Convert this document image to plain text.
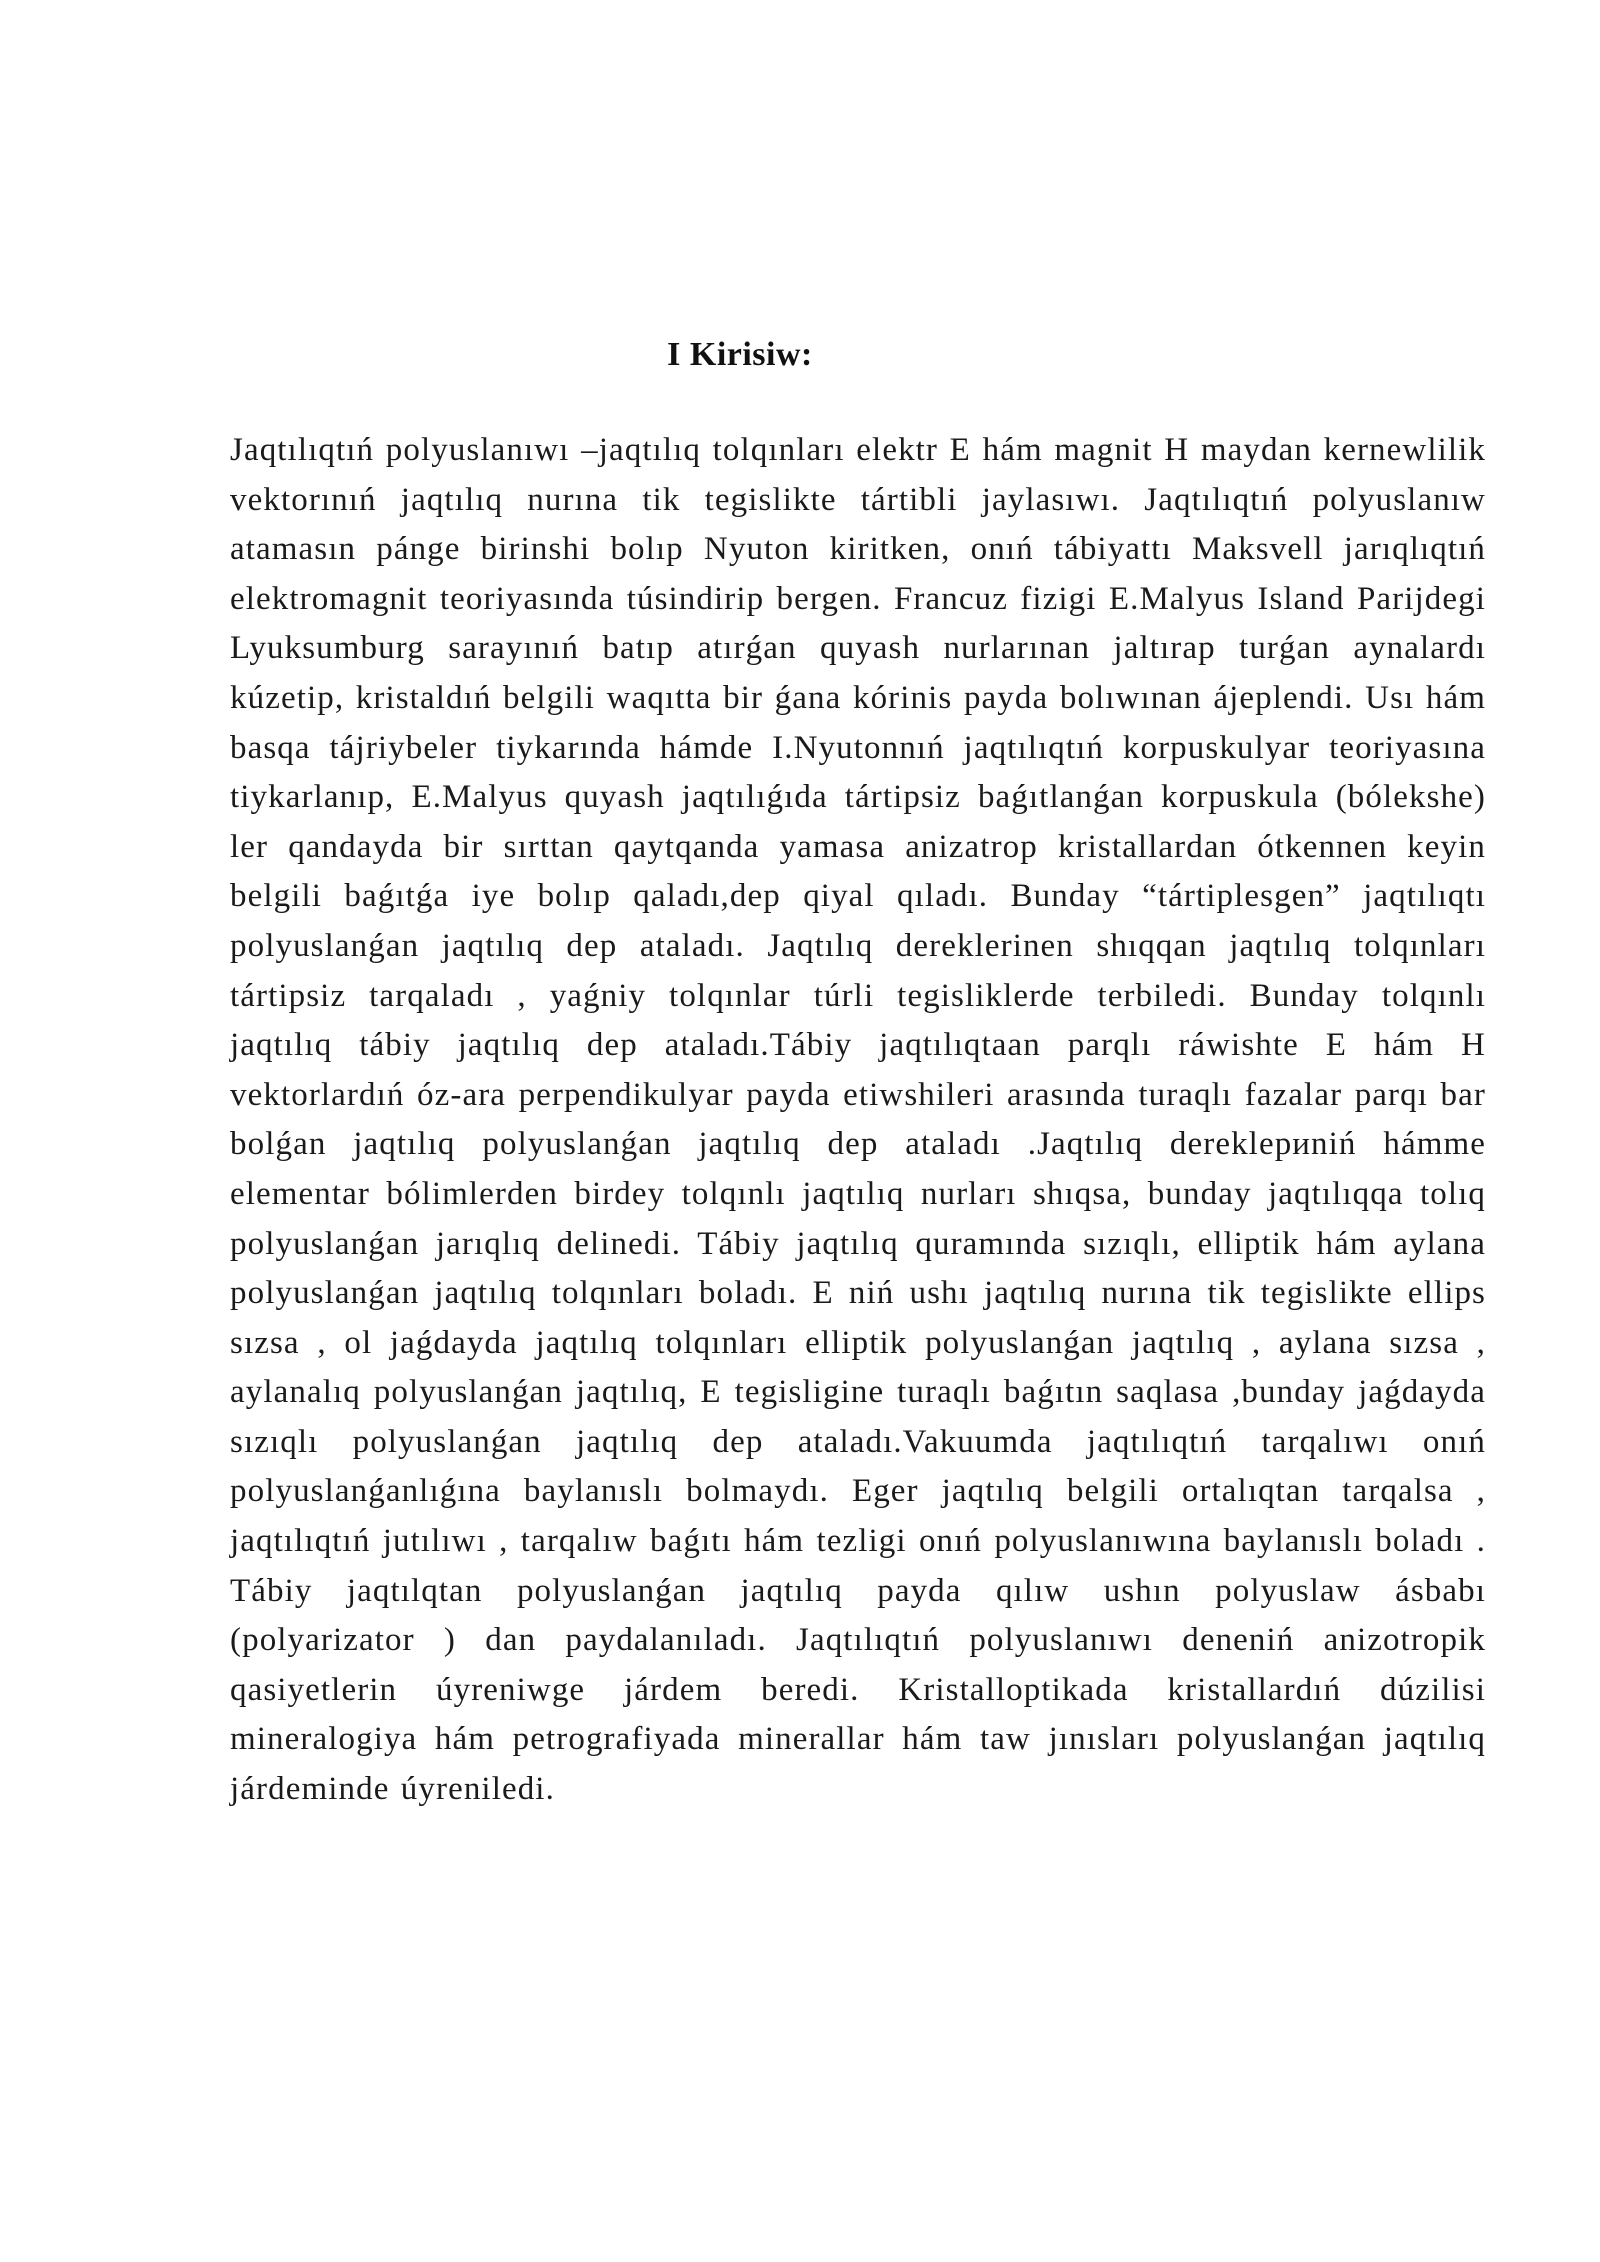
I Kirisiw:

Jaqtılıqtıń polyuslanıwı –jaqtılıq tolqınları elektr E hám magnit H maydan kernewlilik vektorınıń jaqtılıq nurına tik tegislikte tártibli jaylasıwı. Jaqtılıqtıń polyuslanıw atamasın pánge birinshi bolıp Nyuton kiritken, onıń tábiyattı Maksvell jarıqlıqtıń elektromagnit teoriyasında túsindirip bergen. Francuz fizigi E.Malyus Island Parijdegi Lyuksumburg sarayınıń batıp atırǵan quyash nurlarınan jaltırap turǵan aynalardı kúzetip, kristaldıń belgili waqıtta bir ǵana kórinis payda bolıwınan ájeplendi. Usı hám basqa tájriybeler tiykarında hámde I.Nyutonnıń jaqtılıqtıń korpuskulyar teoriyasına tiykarlanıp, E.Malyus quyash jaqtılıǵıda tártipsiz baǵıtlanǵan korpuskula (bólekshe) ler qandayda bir sırttan qaytqanda yamasa anizatrop kristallardan ótkennen keyin belgili baǵıtǵa iye bolıp qaladı,dep qiyal qıladı. Bunday “tártiplesgen” jaqtılıqtı polyuslanǵan jaqtılıq dep ataladı. Jaqtılıq dereklerinen shıqqan jaqtılıq tolqınları tártipsiz tarqaladı , yaǵniy tolqınlar túrli tegisliklerde terbiledi. Bunday tolqınlı jaqtılıq tábiy jaqtılıq dep ataladı.Tábiy jaqtılıqtaan parqlı ráwishte E hám H vektorlardıń óz-ara perpendikulyar payda etiwshileri arasında turaqlı fazalar parqı bar bolǵan jaqtılıq polyuslanǵan jaqtılıq dep ataladı .Jaqtılıq dereklериniń hámme elementar bólimlerden birdey tolqınlı jaqtılıq nurları shıqsa, bunday jaqtılıqqa tolıq polyuslanǵan jarıqlıq delinedi. Tábiy jaqtılıq quramında sızıqlı, elliptik hám aylana polyuslanǵan jaqtılıq tolqınları boladı. E niń ushı jaqtılıq nurına tik tegislikte ellips sızsa , ol jaǵdayda jaqtılıq tolqınları elliptik polyuslanǵan jaqtılıq , aylana sızsa , aylanalıq polyuslanǵan jaqtılıq, E tegisligine turaqlı baǵıtın saqlasa ,bunday jaǵdayda sızıqlı polyuslanǵan jaqtılıq dep ataladı.Vakuumda jaqtılıqtıń tarqalıwı onıń polyuslanǵanlıǵına baylanıslı bolmaydı. Eger jaqtılıq belgili ortalıqtan tarqalsa , jaqtılıqtıń jutılıwı , tarqalıw baǵıtı hám tezligi onıń polyuslanıwına baylanıslı boladı . Tábiy jaqtılqtan polyuslanǵan jaqtılıq payda qılıw ushın polyuslaw ásbabı (polyarizator ) dan paydalanıladı. Jaqtılıqtıń polyuslanıwı deneniń anizotropik qasiyetlerin úyreniwge járdem beredi. Kristalloptikada kristallardıń dúzilisi mineralogiya hám petrografiyada minerallar hám taw jınısları polyuslanǵan jaqtılıq járdeminde úyreniledi.
